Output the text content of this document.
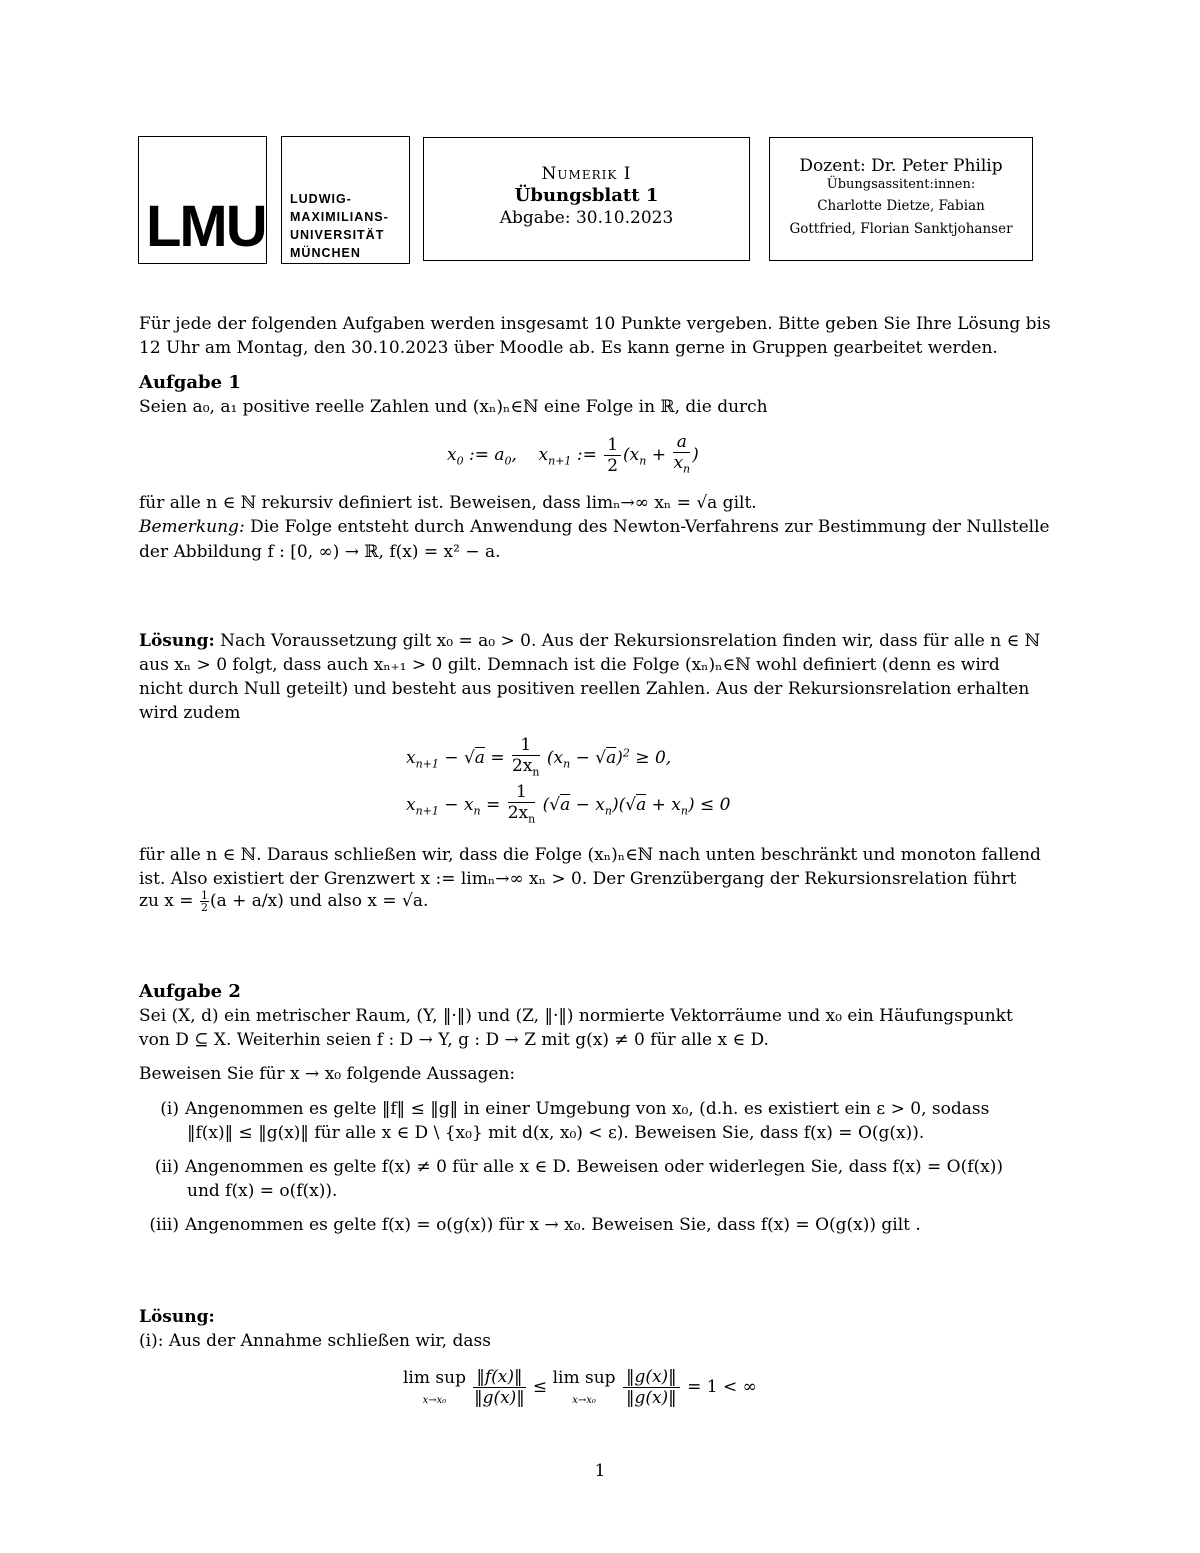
LMU LUDWIG-
MAXIMILIANS-
UNIVERSITÄT
MÜNCHEN
Numerik I
Übungsblatt 1
Abgabe: 30.10.2023
Dozent: Dr. Peter Philip
Übungsassitent:innen:
Charlotte Dietze, Fabian
Gottfried, Florian Sanktjohanser
Für jede der folgenden Aufgaben werden insgesamt 10 Punkte vergeben. Bitte geben Sie Ihre Lösung bis
12 Uhr am Montag, den 30.10.2023 über Moodle ab. Es kann gerne in Gruppen gearbeitet werden.
Aufgabe 1
Seien a₀, a₁ positive reelle Zahlen und (xₙ)ₙ∈ℕ eine Folge in ℝ, die durch
$x_0$ := $a_0$,    $x_{n+1}$ := $\frac{1}{2} (x_n + \frac{a}{x_n}$ )
für alle n ∈ ℕ rekursiv definiert ist. Beweisen, dass limₙ→∞ xₙ = √a gilt.
Bemerkung: Die Folge entsteht durch Anwendung des Newton-Verfahrens zur Bestimmung der Nullstelle
der Abbildung f : [0, ∞) → ℝ, f(x) = x² − a.
Lösung: Nach Voraussetzung gilt x₀ = a₀ > 0. Aus der Rekursionsrelation finden wir, dass für alle n ∈ ℕ
aus xₙ > 0 folgt, dass auch xₙ₊₁ > 0 gilt. Demnach ist die Folge (xₙ)ₙ∈ℕ wohl definiert (denn es wird
nicht durch Null geteilt) und besteht aus positiven reellen Zahlen. Aus der Rekursionsrelation erhalten
wird zudem
$x_{n+1} - √a = \frac{1}{2x_n} (x_n - √a)^2 \ge 0$,
$x_{n+1} - x_n = \frac{1}{2x_n} (√a - x_n)(√a + x_n) \le 0$
für alle n ∈ ℕ. Daraus schließen wir, dass die Folge (xₙ)ₙ∈ℕ nach unten beschränkt und monoton fallend
ist. Also existiert der Grenzwert x := limₙ→∞ xₙ > 0. Der Grenzübergang der Rekursionsrelation führt
zu $x = \frac{1}{2} (a + a/x)$ und also x = √a.
Aufgabe 2
Sei (X, d) ein metrischer Raum, (Y, ‖·‖) und (Z, ‖·‖) normierte Vektorräume und x₀ ein Häufungspunkt
von D ⊆ X. Weiterhin seien f : D → Y, g : D → Z mit g(x) ≠ 0 für alle x ∈ D.
Beweisen Sie für x → x₀ folgende Aussagen:
(i) Angenommen es gelte ‖f‖ ≤ ‖g‖ in einer Umgebung von x₀, (d.h. es existiert ein ε > 0, sodass
‖f(x)‖ ≤ ‖g(x)‖ für alle x ∈ D \ {x₀} mit d(x, x₀) < ε). Beweisen Sie, dass f(x) = O(g(x)).
(ii) Angenommen es gelte f(x) ≠ 0 für alle x ∈ D. Beweisen oder widerlegen Sie, dass f(x) = O(f(x))
und f(x) = o(f(x)).
(iii) Angenommen es gelte f(x) = o(g(x)) für x → x₀. Beweisen Sie, dass f(x) = O(g(x)) gilt .
Lösung:
(i): Aus der Annahme schließen wir, dass
lim sup
$x\to x_0 \frac{‖f(x)‖}{‖g(x)‖} \le \lim$ sup
$x\to x_0 \frac{‖g(x)‖}{‖g(x)‖} = 1$ < ∞
1
